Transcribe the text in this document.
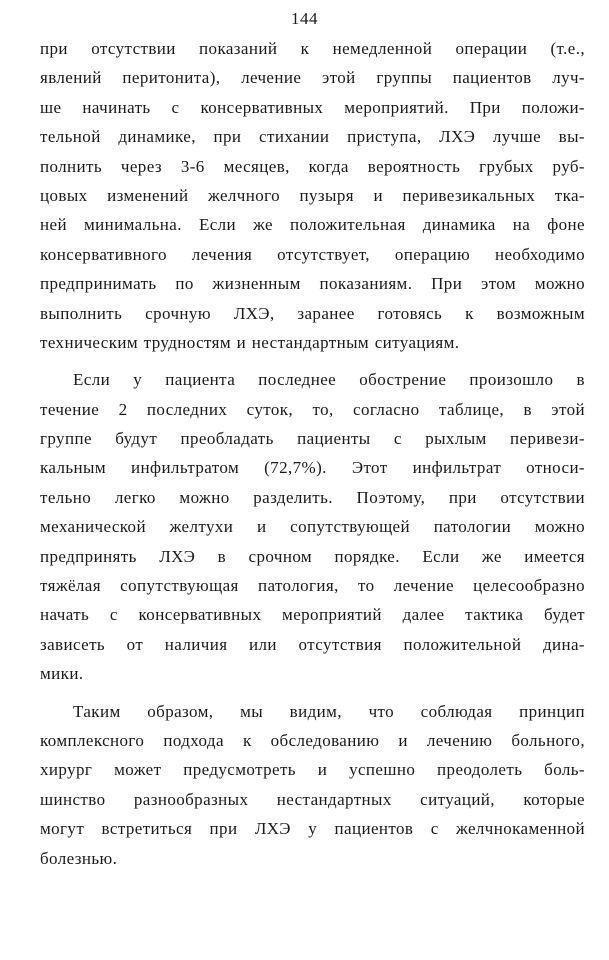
144
при отсутствии показаний к немедленной операции (т.е.,
явлений перитонита), лечение этой группы пациентов луч-
ше начинать с консервативных мероприятий. При положи-
тельной динамике, при стихании приступа, ЛХЭ лучше вы-
полнить через 3-6 месяцев, когда вероятность грубых руб-
цовых изменений желчного пузыря и перивезикальных тка-
ней минимальна. Если же положительная динамика на фоне
консервативного лечения отсутствует, операцию необходимо
предпринимать по жизненным показаниям. При этом можно
выполнить срочную ЛХЭ, заранее готовясь к возможным
техническим трудностям и нестандартным ситуациям.
Если у пациента последнее обострение произошло в
течение 2 последних суток, то, согласно таблице, в этой
группе будут преобладать пациенты с рыхлым перивези-
кальным инфильтратом (72,7%). Этот инфильтрат относи-
тельно легко можно разделить. Поэтому, при отсутствии
механической желтухи и сопутствующей патологии можно
предпринять ЛХЭ в срочном порядке. Если же имеется
тяжёлая сопутствующая патология, то лечение целесообразно
начать с консервативных мероприятий далее тактика будет
зависеть от наличия или отсутствия положительной дина-
мики.
Таким образом, мы видим, что соблюдая принцип
комплексного подхода к обследованию и лечению больного,
хирург может предусмотреть и успешно преодолеть боль-
шинство разнообразных нестандартных ситуаций, которые
могут встретиться при ЛХЭ у пациентов с желчнокаменной
болезнью.
